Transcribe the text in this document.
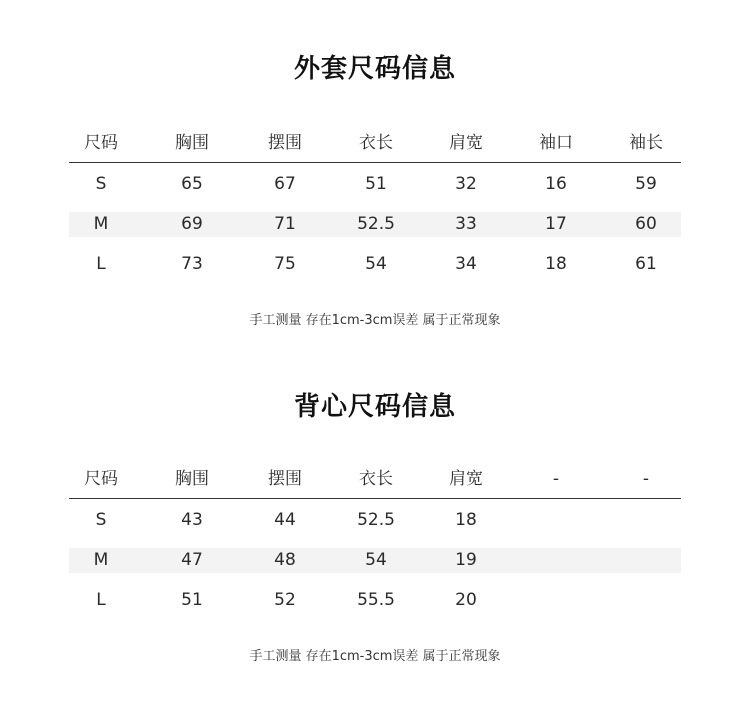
外套尺码信息
尺码	胸围	摆围	衣长	肩宽	袖口	袖长
S	65	67	51	32	16	59
M	69	71	52.5	33	17	60
L	73	75	54	34	18	61
手工测量 存在1cm-3cm误差 属于正常现象
背心尺码信息
尺码	胸围	摆围	衣长	肩宽	-	-
S	43	44	52.5	18
M	47	48	54	19
L	51	52	55.5	20
手工测量 存在1cm-3cm误差 属于正常现象
